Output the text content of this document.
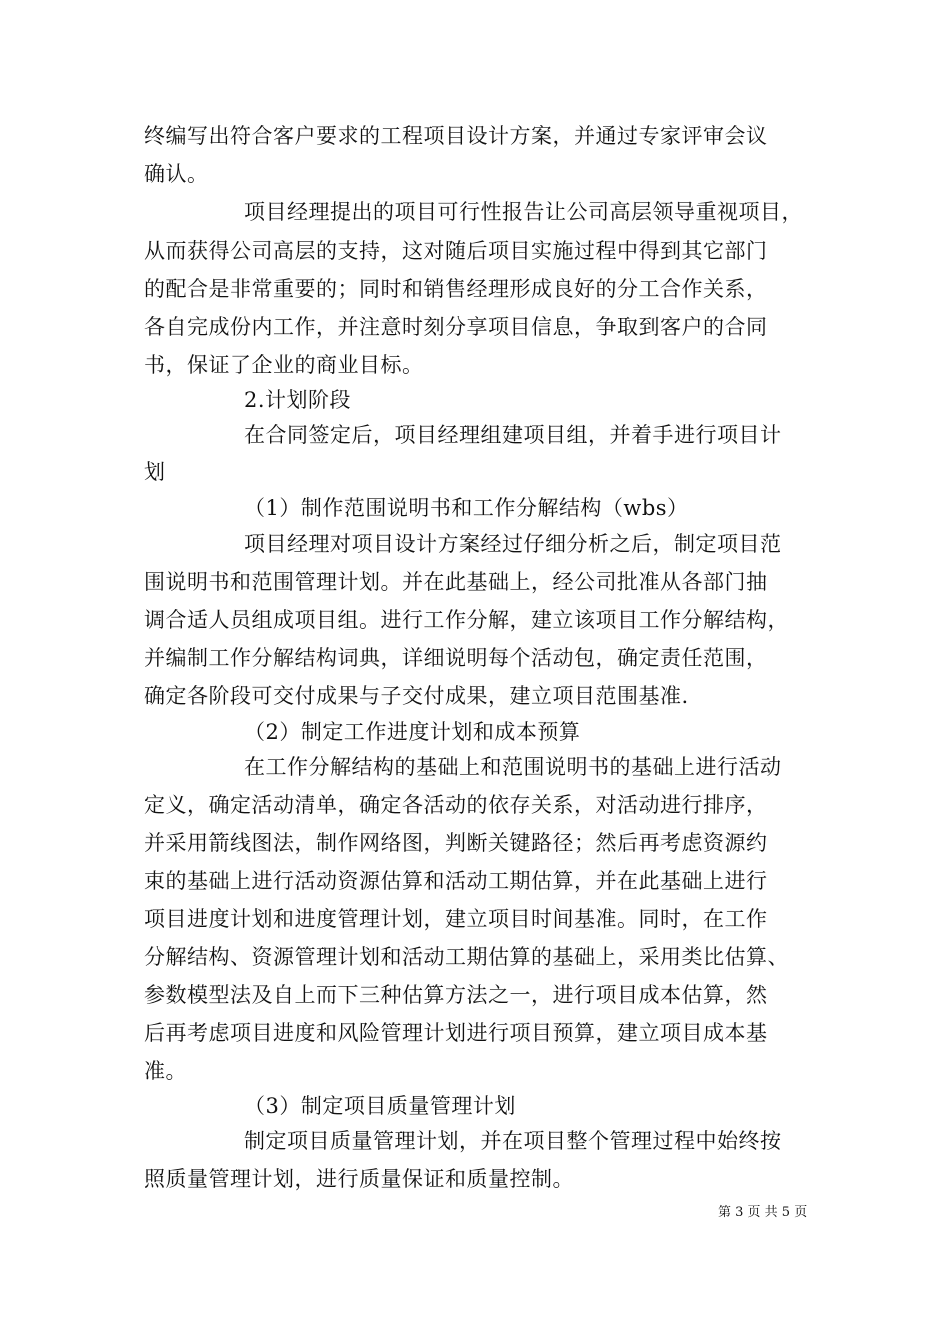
终编写出符合客户要求的工程项目设计方案，并通过专家评审会议
确认。
项目经理提出的项目可行性报告让公司高层领导重视项目，
从而获得公司高层的支持，这对随后项目实施过程中得到其它部门
的配合是非常重要的；同时和销售经理形成良好的分工合作关系，
各自完成份内工作，并注意时刻分享项目信息，争取到客户的合同
书，保证了企业的商业目标。
2.计划阶段
在合同签定后，项目经理组建项目组，并着手进行项目计
划
（1）制作范围说明书和工作分解结构（wbs）
项目经理对项目设计方案经过仔细分析之后，制定项目范
围说明书和范围管理计划。并在此基础上，经公司批准从各部门抽
调合适人员组成项目组。进行工作分解，建立该项目工作分解结构，
并编制工作分解结构词典，详细说明每个活动包，确定责任范围，
确定各阶段可交付成果与子交付成果，建立项目范围基准.
（2）制定工作进度计划和成本预算
在工作分解结构的基础上和范围说明书的基础上进行活动
定义，确定活动清单，确定各活动的依存关系，对活动进行排序，
并采用箭线图法，制作网络图，判断关键路径；然后再考虑资源约
束的基础上进行活动资源估算和活动工期估算，并在此基础上进行
项目进度计划和进度管理计划，建立项目时间基准。同时，在工作
分解结构、资源管理计划和活动工期估算的基础上，采用类比估算、
参数模型法及自上而下三种估算方法之一，进行项目成本估算，然
后再考虑项目进度和风险管理计划进行项目预算，建立项目成本基
准。
（3）制定项目质量管理计划
制定项目质量管理计划，并在项目整个管理过程中始终按
照质量管理计划，进行质量保证和质量控制。
第 3 页 共 5 页
